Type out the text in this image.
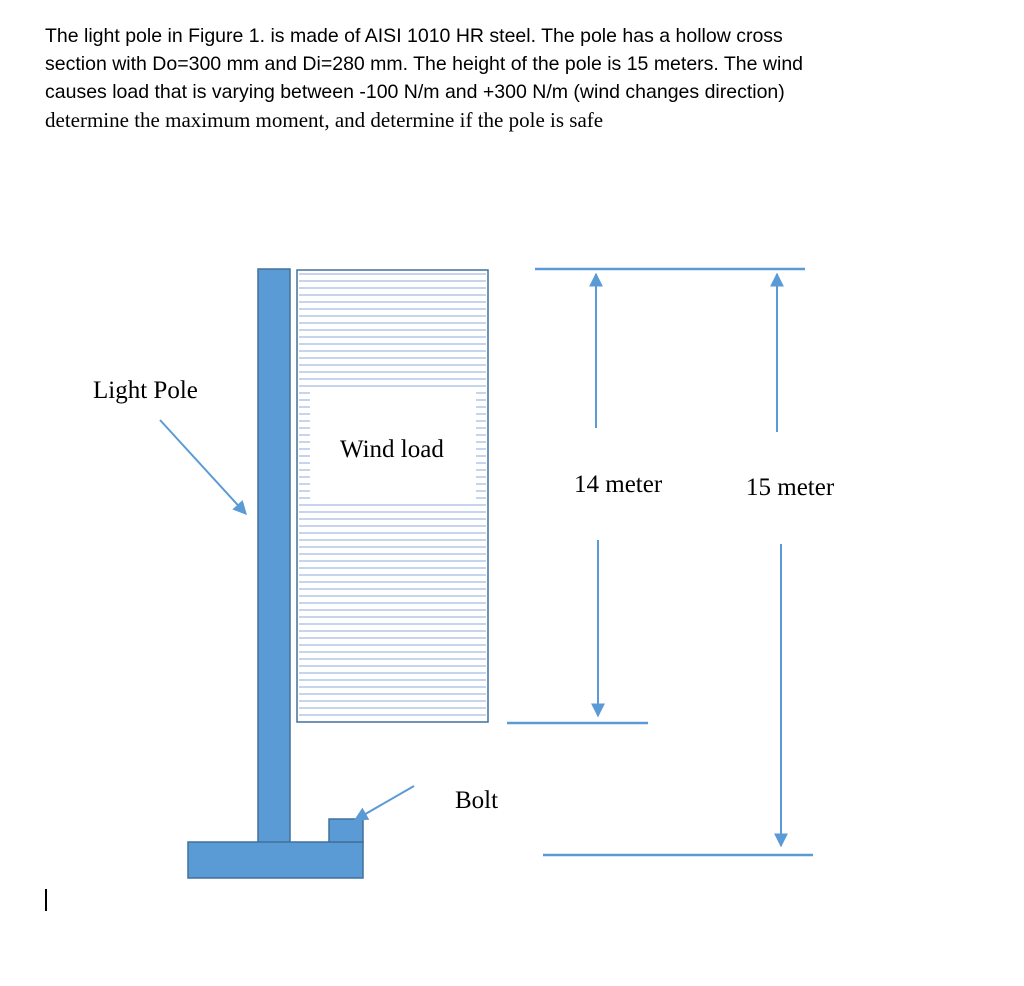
The light pole in Figure 1. is made of AISI 1010 HR steel. The pole has a hollow cross
section with Do=300 mm and Di=280 mm. The height of the pole is 15 meters. The wind
causes load that is varying between -100 N/m and +300 N/m (wind changes direction)
determine the maximum moment, and determine if the pole is safe

Wind load
Light Pole
Bolt
14 meter	15 meter
